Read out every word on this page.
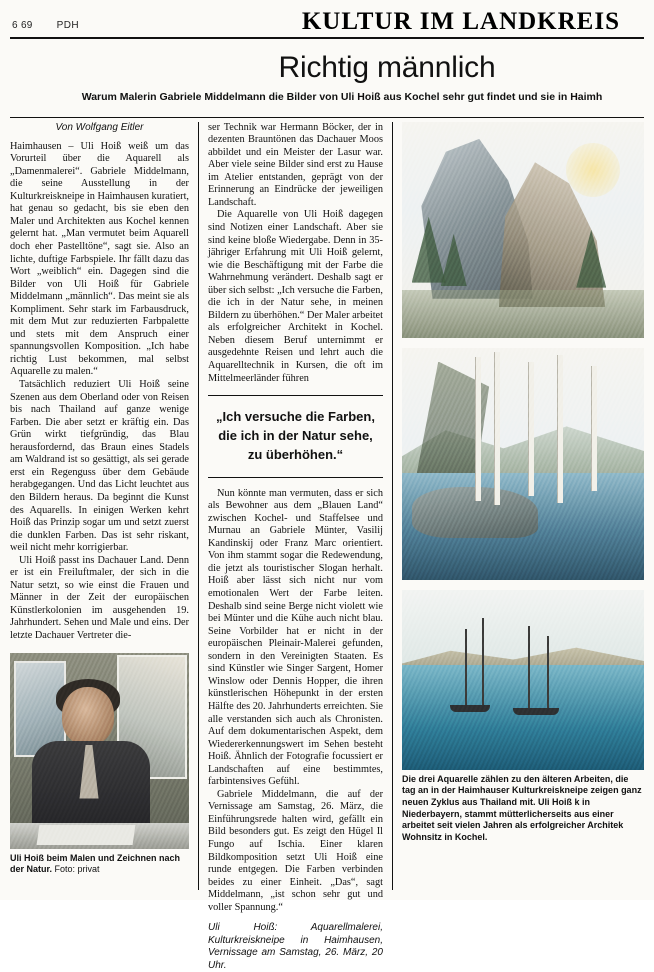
6 69 PDH	KULTUR IM LANDKREIS
Richtig männlich
Warum Malerin Gabriele Middelmann die Bilder von Uli Hoiß aus Kochel sehr gut findet und sie in Haimh
Von Wolfgang Eitler

Haimhausen – Uli Hoiß weiß um das Vorurteil über die Aquarell als „Damenmalerei“. Gabriele Middelmann, die seine Ausstellung in der Kulturkreiskneipe in Haimhausen kuratiert, hat genau so gedacht, bis sie eben den Maler und Architekten aus Kochel kennen gelernt hat. „Man vermutet beim Aquarell doch eher Pastelltöne“, sagt sie. Also an lichte, duftige Farbspiele. Ihr fällt dazu das Wort „weiblich“ ein. Dagegen sind die Bilder von Uli Hoiß für Gabriele Middelmann „männlich“. Das meint sie als Kompliment. Sehr stark im Farbausdruck, mit dem Mut zur reduzierten Farbpalette und stets mit dem Anspruch einer spannungsvollen Komposition. „Ich habe richtig Lust bekommen, mal selbst Aquarelle zu malen.“

Tatsächlich reduziert Uli Hoiß seine Szenen aus dem Oberland oder von Reisen bis nach Thailand auf ganze wenige Farben. Die aber setzt er kräftig ein. Das Grün wirkt tiefgründig, das Blau herausfordernd, das Braun eines Stadels am Waldrand ist so gesättigt, als sei gerade erst ein Regenguss über dem Gebäude herabgegangen. Und das Licht leuchtet aus den Bildern heraus. Da beginnt die Kunst des Aquarells. In einigen Werken kehrt Hoiß das Prinzip sogar um und setzt zuerst die dunklen Farben. Das ist sehr riskant, weil nicht mehr korrigierbar.

Uli Hoiß passt ins Dachauer Land. Denn er ist ein Freiluftmaler, der sich in die Natur setzt, so wie einst die Frauen und Männer in der Zeit der europäischen Künstlerkolonien im ausgehenden 19. Jahrhundert. Sehen und Male und eins. Der letzte Dachauer Vertreter die-

Uli Hoiß beim Malen und Zeichnen nach der Natur. Foto: privat

ser Technik war Hermann Böcker, der in dezenten Brauntönen das Dachauer Moos abbildet und ein Meister der Lasur war. Aber viele seine Bilder sind erst zu Hause im Atelier entstanden, geprägt von der Erinnerung an Eindrücke der jeweiligen Landschaft.

Die Aquarelle von Uli Hoiß dagegen sind Notizen einer Landschaft. Aber sie sind keine bloße Wiedergabe. Denn in 35-jähriger Erfahrung mit Uli Hoiß gelernt, wie die Beschäftigung mit der Farbe die Wahrnehmung verändert. Deshalb sagt er über sich selbst: „Ich versuche die Farben, die ich in der Natur sehe, in meinen Bildern zu überhöhen.“ Der Maler arbeitet als erfolgreicher Architekt in Kochel. Neben diesem Beruf unternimmt er ausgedehnte Reisen und lehrt auch die Aquarelltechnik in Kursen, die oft im Mittelmeerländer führen

„Ich versuche die Farben,
die ich in der Natur sehe,
zu überhöhen.“

Nun könnte man vermuten, dass er sich als Bewohner aus dem „Blauen Land“ zwischen Kochel- und Staffelsee und Murnau an Gabriele Münter, Vasilij Kandinskij oder Franz Marc orientiert. Von ihm stammt sogar die Redewendung, die jetzt als touristischer Slogan herhalt. Hoiß aber lässt sich nicht nur vom emotionalen Wert der Farbe leiten. Deshalb sind seine Berge nicht violett wie bei Münter und die Kühe auch nicht blau. Seine Vorbilder hat er nicht in der europäischen Pleinair-Malerei gefunden, sondern in den Vereinigten Staaten. Es sind Künstler wie Singer Sargent, Homer Winslow oder Dennis Hopper, die ihren künstlerischen Höhepunkt in der ersten Hälfte des 20. Jahrhunderts erreichten. Sie alle verstanden sich auch als Chronisten. Auf dem dokumentarischen Aspekt, dem Wiedererkennungswert im Sehen besteht Hoiß. Ähnlich der Fotografie focussiert er Landschaften auf eine bestimmtes, farbintensives Gefühl.

Gabriele Middelmann, die auf der Vernissage am Samstag, 26. März, die Einführungsrede halten wird, gefällt ein Bild besonders gut. Es zeigt den Hügel Il Fungo auf Ischia. Einer klaren Bildkomposition setzt Uli Hoiß eine runde entgegen. Die Farben verbinden beides zu einer Einheit. „Das“, sagt Middelmann, „ist schon sehr gut und voller Spannung.“

Uli Hoiß: Aquarellmalerei, Kulturkreiskneipe in Haimhausen, Vernissage am Samstag, 26. März, 20 Uhr.

Die drei Aquarelle zählen zu den älteren Arbeiten, die tag an in der Haimhauser Kulturkreiskneipe zeigen ganz neuen Zyklus aus Thailand mit. Uli Hoiß k in Niederbayern, stammt mütterlicherseits aus einer arbeitet seit vielen Jahren als erfolgreicher Architek Wohnsitz in Kochel.
